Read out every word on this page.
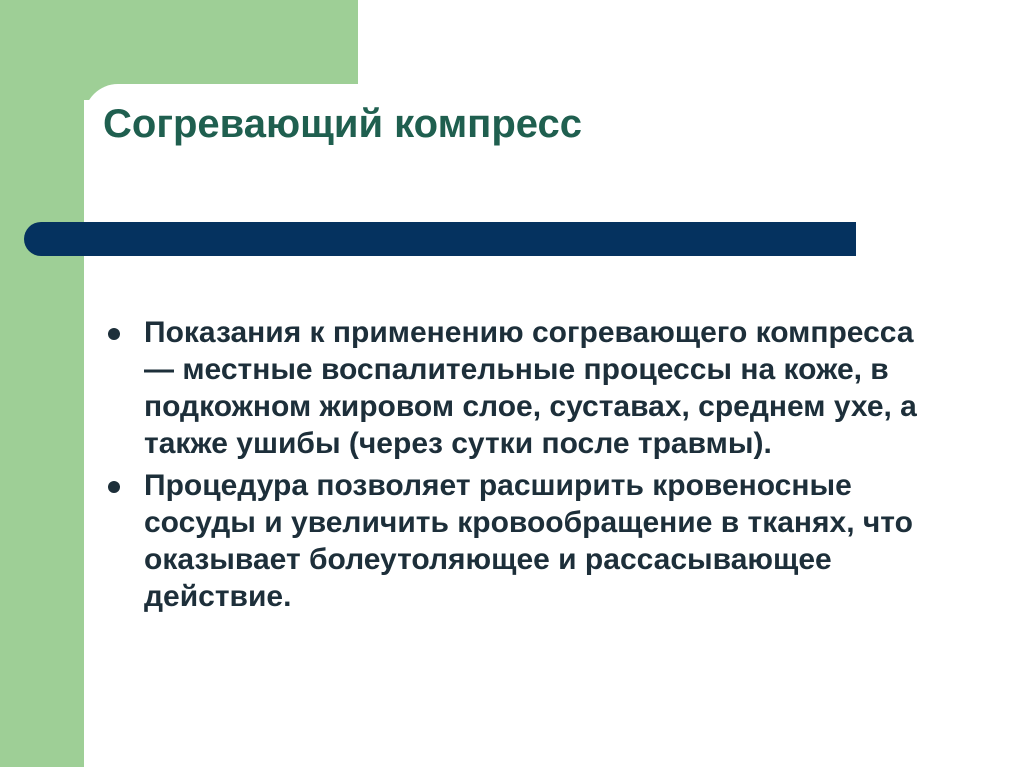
Согревающий компресс
Показания к применению согревающего компресса — местные воспалительные процессы на коже, в подкожном жировом слое, суставах, среднем ухе, а также ушибы (через сутки после травмы).
Процедура позволяет расширить кровеносные сосуды и увеличить кровообращение в тканях, что оказывает болеутоляющее и рассасывающее действие.
